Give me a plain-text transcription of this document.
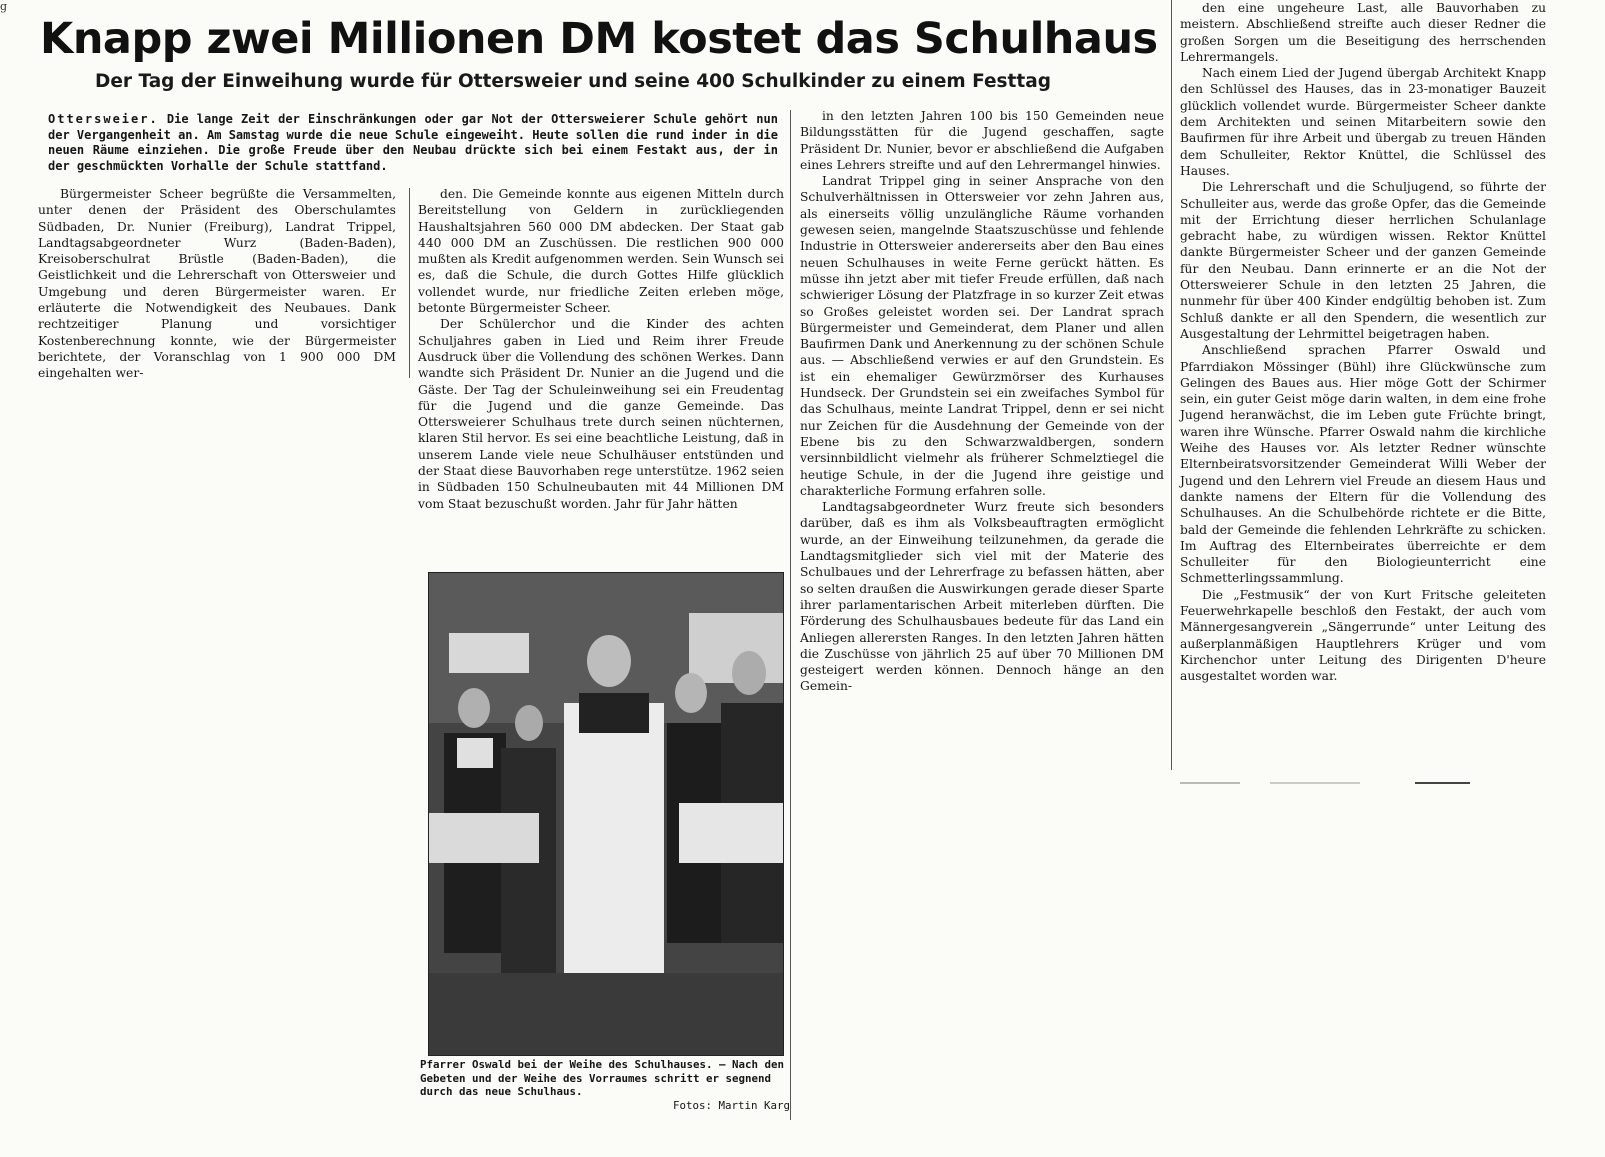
g
Knapp zwei Millionen DM kostet das Schulhaus
Der Tag der Einweihung wurde für Ottersweier und seine 400 Schulkinder zu einem Festtag
Ottersweier. Die lange Zeit der Einschränkungen oder gar Not der Ottersweierer Schule gehört nun der Vergangenheit an. Am Samstag wurde die neue Schule eingeweiht. Heute sollen die rund inder in die neuen Räume einziehen. Die große Freude über den Neubau drückte sich bei einem Festakt aus, der in der geschmückten Vorhalle der Schule stattfand.

Bürgermeister Scheer begrüßte die Versammelten, unter denen der Präsident des Oberschulamtes Südbaden, Dr. Nunier (Freiburg), Landrat Trippel, Landtagsabgeordneter Wurz (Baden-Baden), Kreisoberschulrat Brüstle (Baden-Baden), die Geistlichkeit und die Lehrerschaft von Ottersweier und Umgebung und deren Bürgermeister waren. Er erläuterte die Notwendigkeit des Neubaues. Dank rechtzeitiger Planung und vorsichtiger Kostenberechnung konnte, wie der Bürgermeister berichtete, der Voranschlag von 1 900 000 DM eingehalten wer-

den. Die Gemeinde konnte aus eigenen Mitteln durch Bereitstellung von Geldern in zurückliegenden Haushaltsjahren 560 000 DM abdecken. Der Staat gab 440 000 DM an Zuschüssen. Die restlichen 900 000 mußten als Kredit aufgenommen werden. Sein Wunsch sei es, daß die Schule, die durch Gottes Hilfe glücklich vollendet wurde, nur friedliche Zeiten erleben möge, betonte Bürgermeister Scheer.

Der Schülerchor und die Kinder des achten Schuljahres gaben in Lied und Reim ihrer Freude Ausdruck über die Vollendung des schönen Werkes. Dann wandte sich Präsident Dr. Nunier an die Jugend und die Gäste. Der Tag der Schuleinweihung sei ein Freudentag für die Jugend und die ganze Gemeinde. Das Ottersweierer Schulhaus trete durch seinen nüchternen, klaren Stil hervor. Es sei eine beachtliche Leistung, daß in unserem Lande viele neue Schulhäuser entstünden und der Staat diese Bauvorhaben rege unterstütze. 1962 seien in Südbaden 150 Schulneubauten mit 44 Millionen DM vom Staat bezuschußt worden. Jahr für Jahr hätten

in den letzten Jahren 100 bis 150 Gemeinden neue Bildungsstätten für die Jugend geschaffen, sagte Präsident Dr. Nunier, bevor er abschließend die Aufgaben eines Lehrers streifte und auf den Lehrermangel hinwies.

Landrat Trippel ging in seiner Ansprache von den Schulverhältnissen in Ottersweier vor zehn Jahren aus, als einerseits völlig unzulängliche Räume vorhanden gewesen seien, mangelnde Staatszuschüsse und fehlende Industrie in Ottersweier andererseits aber den Bau eines neuen Schulhauses in weite Ferne gerückt hätten. Es müsse ihn jetzt aber mit tiefer Freude erfüllen, daß nach schwieriger Lösung der Platzfrage in so kurzer Zeit etwas so Großes geleistet worden sei. Der Landrat sprach Bürgermeister und Gemeinderat, dem Planer und allen Baufirmen Dank und Anerkennung zu der schönen Schule aus. — Abschließend verwies er auf den Grundstein. Es ist ein ehemaliger Gewürzmörser des Kurhauses Hundseck. Der Grundstein sei ein zweifaches Symbol für das Schulhaus, meinte Landrat Trippel, denn er sei nicht nur Zeichen für die Ausdehnung der Gemeinde von der Ebene bis zu den Schwarzwaldbergen, sondern versinnbildlicht vielmehr als früherer Schmelztiegel die heutige Schule, in der die Jugend ihre geistige und charakterliche Formung erfahren solle.

Landtagsabgeordneter Wurz freute sich besonders darüber, daß es ihm als Volksbeauftragten ermöglicht wurde, an der Einweihung teilzunehmen, da gerade die Landtagsmitglieder sich viel mit der Materie des Schulbaues und der Lehrerfrage zu befassen hätten, aber so selten draußen die Auswirkungen gerade dieser Sparte ihrer parlamentarischen Arbeit miterleben dürften. Die Förderung des Schulhausbaues bedeute für das Land ein Anliegen allerersten Ranges. In den letzten Jahren hätten die Zuschüsse von jährlich 25 auf über 70 Millionen DM gesteigert werden können. Dennoch hänge an den Gemein-

den eine ungeheure Last, alle Bauvorhaben zu meistern. Abschließend streifte auch dieser Redner die großen Sorgen um die Beseitigung des herrschenden Lehrermangels.

Nach einem Lied der Jugend übergab Architekt Knapp den Schlüssel des Hauses, das in 23-monatiger Bauzeit glücklich vollendet wurde. Bürgermeister Scheer dankte dem Architekten und seinen Mitarbeitern sowie den Baufirmen für ihre Arbeit und übergab zu treuen Händen dem Schulleiter, Rektor Knüttel, die Schlüssel des Hauses.

Die Lehrerschaft und die Schuljugend, so führte der Schulleiter aus, werde das große Opfer, das die Gemeinde mit der Errichtung dieser herrlichen Schulanlage gebracht habe, zu würdigen wissen. Rektor Knüttel dankte Bürgermeister Scheer und der ganzen Gemeinde für den Neubau. Dann erinnerte er an die Not der Ottersweierer Schule in den letzten 25 Jahren, die nunmehr für über 400 Kinder endgültig behoben ist. Zum Schluß dankte er all den Spendern, die wesentlich zur Ausgestaltung der Lehrmittel beigetragen haben.

Anschließend sprachen Pfarrer Oswald und Pfarrdiakon Mössinger (Bühl) ihre Glückwünsche zum Gelingen des Baues aus. Hier möge Gott der Schirmer sein, ein guter Geist möge darin walten, in dem eine frohe Jugend heranwächst, die im Leben gute Früchte bringt, waren ihre Wünsche. Pfarrer Oswald nahm die kirchliche Weihe des Hauses vor. Als letzter Redner wünschte Elternbeiratsvorsitzender Gemeinderat Willi Weber der Jugend und den Lehrern viel Freude an diesem Haus und dankte namens der Eltern für die Vollendung des Schulhauses. An die Schulbehörde richtete er die Bitte, bald der Gemeinde die fehlenden Lehrkräfte zu schicken. Im Auftrag des Elternbeirates überreichte er dem Schulleiter für den Biologieunterricht eine Schmetterlingssammlung.

Die „Festmusik“ der von Kurt Fritsche geleiteten Feuerwehrkapelle beschloß den Festakt, der auch vom Männergesangverein „Sängerrunde“ unter Leitung des außerplanmäßigen Hauptlehrers Krüger und vom Kirchenchor unter Leitung des Dirigenten D'heure ausgestaltet worden war.

Pfarrer Oswald bei der Weihe des Schulhauses. — Nach den Gebeten und der Weihe des Vorraumes schritt er segnend durch das neue Schulhaus.
Fotos: Martin Karg
